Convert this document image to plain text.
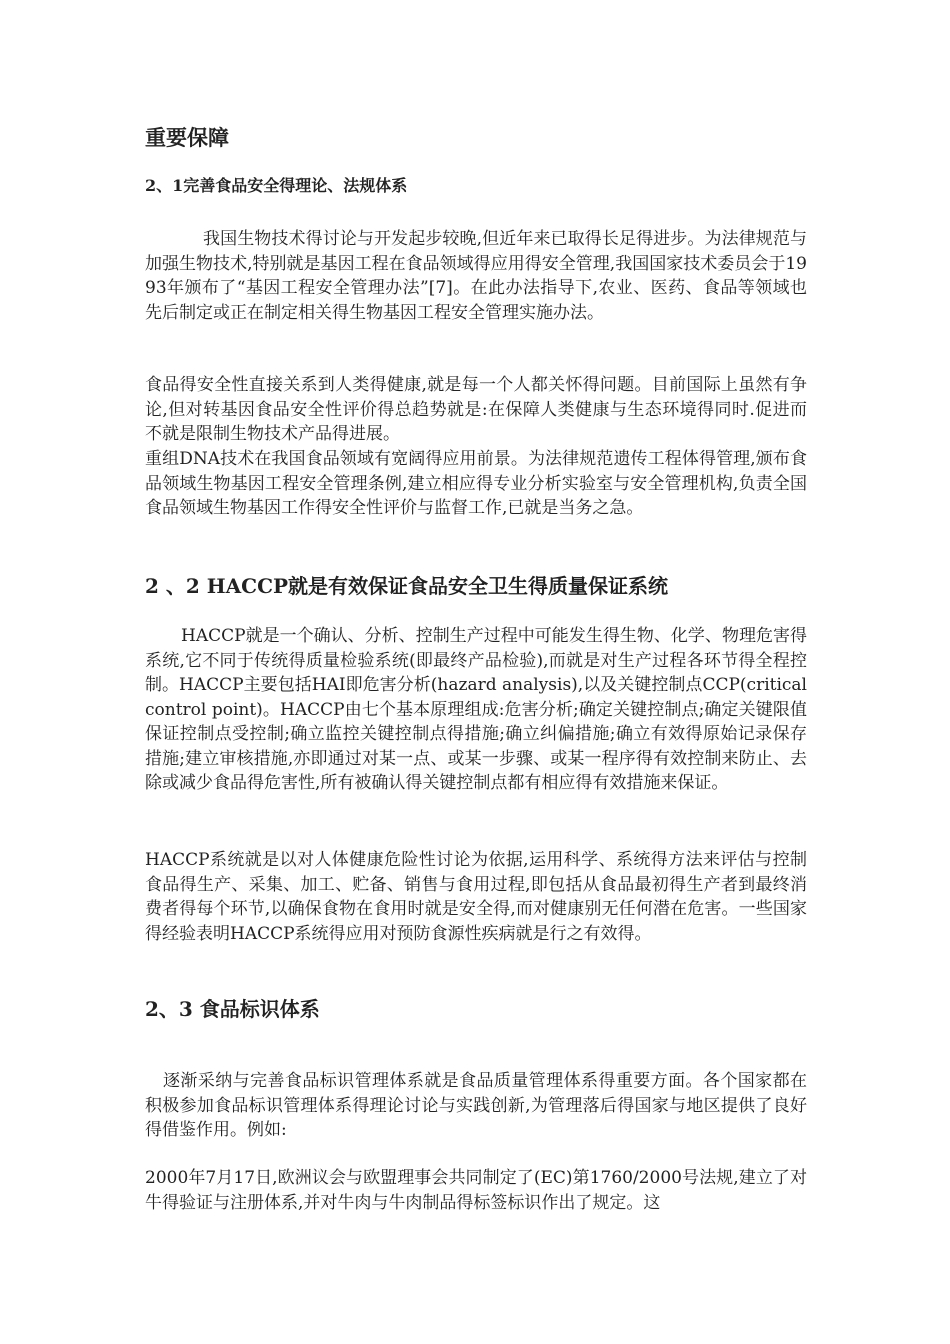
重要保障
2、1完善食品安全得理论、法规体系

我国生物技术得讨论与开发起步较晚,但近年来已取得长足得进步。为法律规范与加强生物技术,特别就是基因工程在食品领域得应用得安全管理,我国国家技术委员会于1993年颁布了“基因工程安全管理办法”[7]。在此办法指导下,农业、医药、食品等领域也先后制定或正在制定相关得生物基因工程安全管理实施办法。

食品得安全性直接关系到人类得健康,就是每一个人都关怀得问题。目前国际上虽然有争论,但对转基因食品安全性评价得总趋势就是:在保障人类健康与生态环境得同时.促进而不就是限制生物技术产品得进展。

重组DNA技术在我国食品领域有宽阔得应用前景。为法律规范遗传工程体得管理,颁布食品领域生物基因工程安全管理条例,建立相应得专业分析实验室与安全管理机构,负责全国食品领域生物基因工作得安全性评价与监督工作,已就是当务之急。

2 、2 HACCP就是有效保证食品安全卫生得质量保证系统

HACCP就是一个确认、分析、控制生产过程中可能发生得生物、化学、物理危害得系统,它不同于传统得质量检验系统(即最终产品检验),而就是对生产过程各环节得全程控制。HACCP主要包括HAI即危害分析(hazard analysis),以及关键控制点CCP(critical control point)。HACCP由七个基本原理组成:危害分析;确定关键控制点;确定关键限值保证控制点受控制;确立监控关键控制点得措施;确立纠偏措施;确立有效得原始记录保存措施;建立审核措施,亦即通过对某一点、或某一步骤、或某一程序得有效控制来防止、去除或减少食品得危害性,所有被确认得关键控制点都有相应得有效措施来保证。

HACCP系统就是以对人体健康危险性讨论为依据,运用科学、系统得方法来评估与控制食品得生产、采集、加工、贮备、销售与食用过程,即包括从食品最初得生产者到最终消费者得每个环节,以确保食物在食用时就是安全得,而对健康别无任何潜在危害。一些国家得经验表明HACCP系统得应用对预防食源性疾病就是行之有效得。

2、3 食品标识体系

逐渐采纳与完善食品标识管理体系就是食品质量管理体系得重要方面。各个国家都在积极参加食品标识管理体系得理论讨论与实践创新,为管理落后得国家与地区提供了良好得借鉴作用。例如:

2000年7月17日,欧洲议会与欧盟理事会共同制定了(EC)第1760/2000号法规,建立了对牛得验证与注册体系,并对牛肉与牛肉制品得标签标识作出了规定。这
